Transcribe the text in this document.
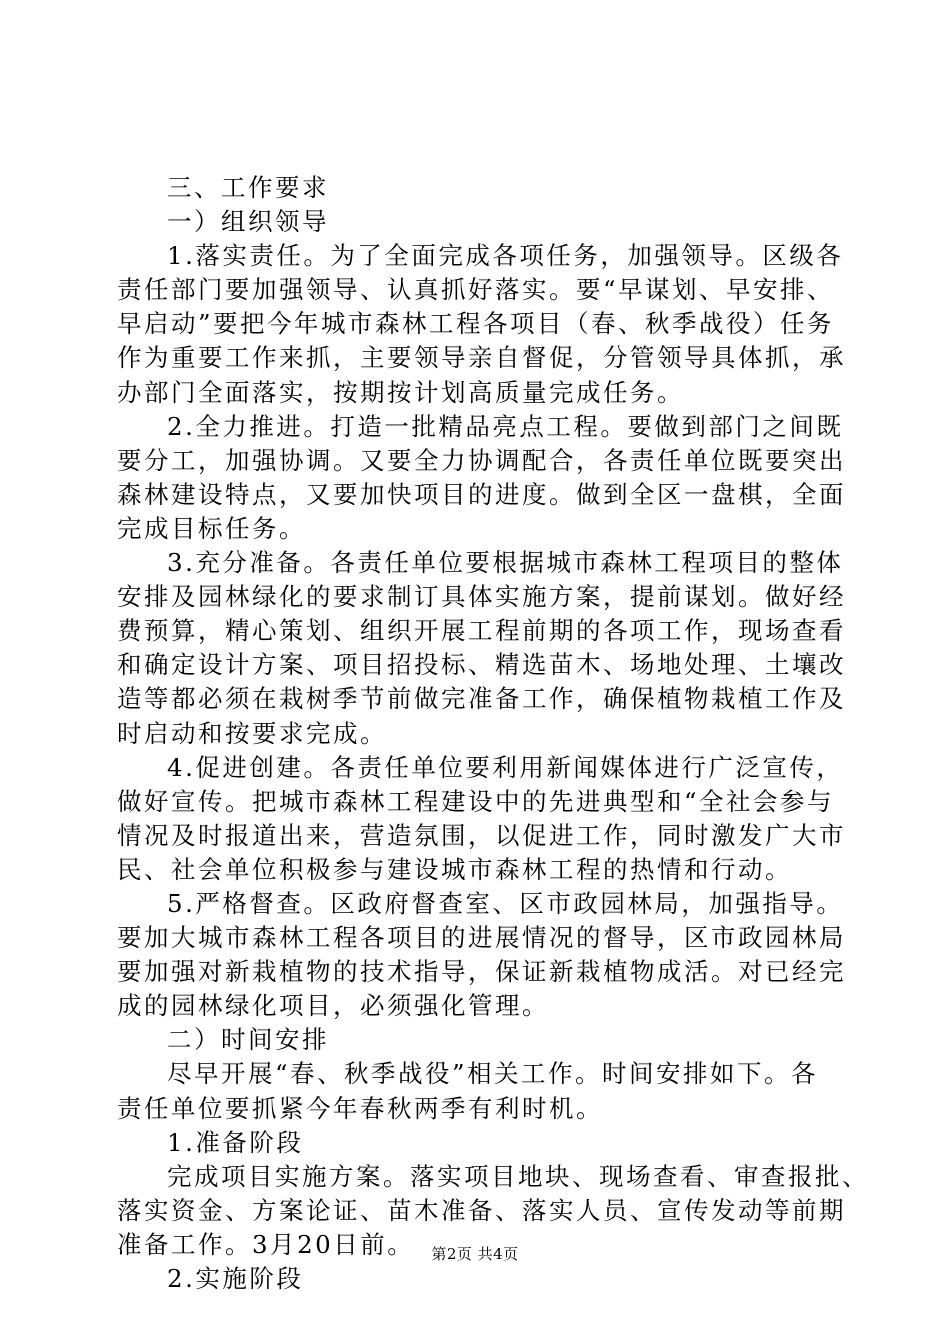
三、工作要求
一）组织领导
1.落实责任。为了全面完成各项任务，加强领导。区级各
责任部门要加强领导、认真抓好落实。要“早谋划、早安排、
早启动”要把今年城市森林工程各项目（春、秋季战役）任务
作为重要工作来抓，主要领导亲自督促，分管领导具体抓，承
办部门全面落实，按期按计划高质量完成任务。
2.全力推进。打造一批精品亮点工程。要做到部门之间既
要分工，加强协调。又要全力协调配合，各责任单位既要突出
森林建设特点，又要加快项目的进度。做到全区一盘棋，全面
完成目标任务。
3.充分准备。各责任单位要根据城市森林工程项目的整体
安排及园林绿化的要求制订具体实施方案，提前谋划。做好经
费预算，精心策划、组织开展工程前期的各项工作，现场查看
和确定设计方案、项目招投标、精选苗木、场地处理、土壤改
造等都必须在栽树季节前做完准备工作，确保植物栽植工作及
时启动和按要求完成。
4.促进创建。各责任单位要利用新闻媒体进行广泛宣传，
做好宣传。把城市森林工程建设中的先进典型和“全社会参与
情况及时报道出来，营造氛围，以促进工作，同时激发广大市
民、社会单位积极参与建设城市森林工程的热情和行动。
5.严格督查。区政府督查室、区市政园林局，加强指导。
要加大城市森林工程各项目的进展情况的督导，区市政园林局
要加强对新栽植物的技术指导，保证新栽植物成活。对已经完
成的园林绿化项目，必须强化管理。
二）时间安排
尽早开展“春、秋季战役”相关工作。时间安排如下。各
责任单位要抓紧今年春秋两季有利时机。
1.准备阶段
完成项目实施方案。落实项目地块、现场查看、审查报批、
落实资金、方案论证、苗木准备、落实人员、宣传发动等前期
准备工作。3月20日前。
2.实施阶段
第2页 共4页
